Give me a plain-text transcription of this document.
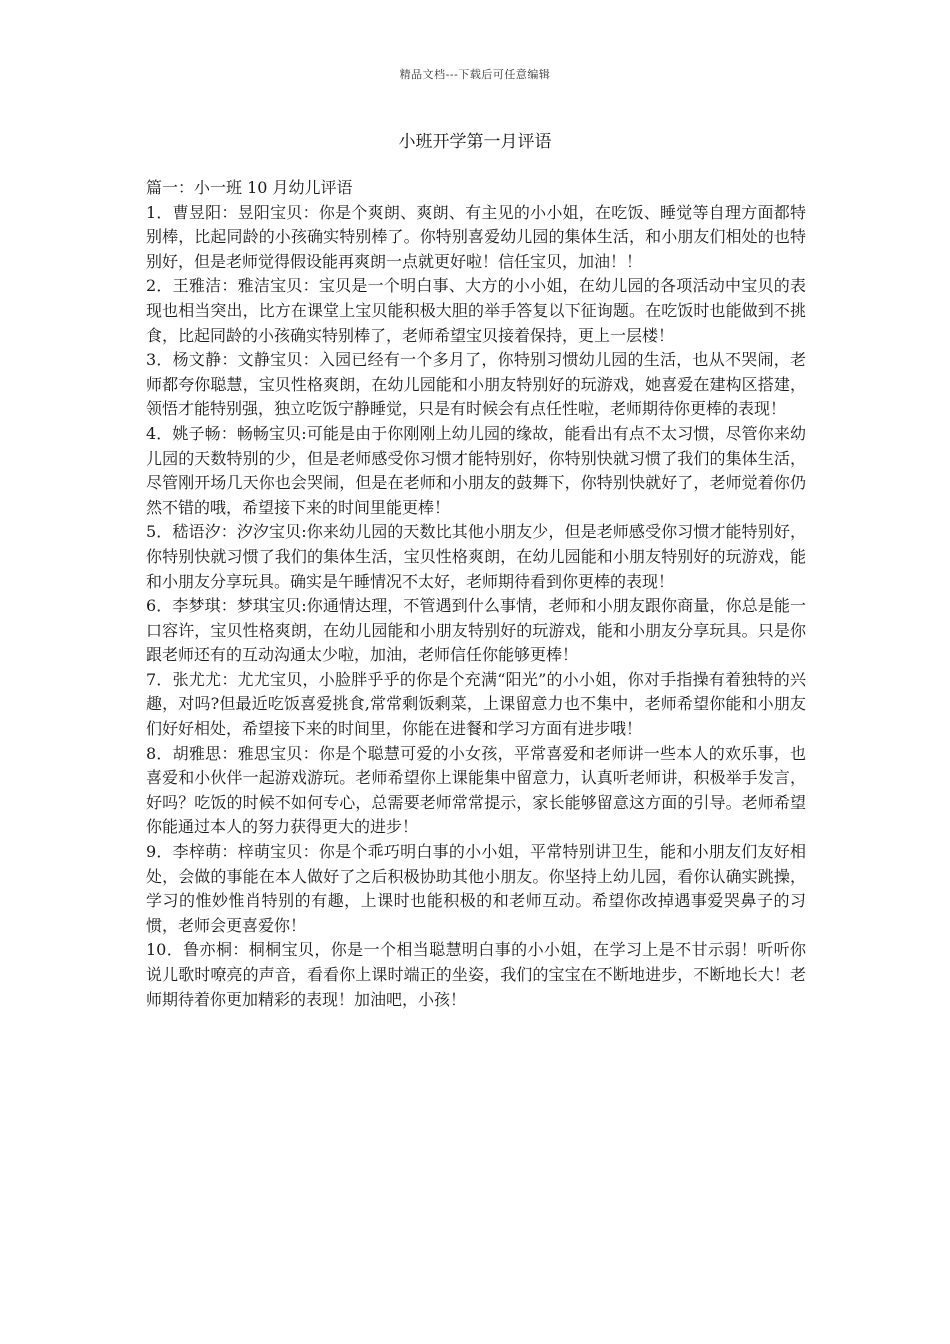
精品文档---下载后可任意编辑
小班开学第一月评语

篇一：小一班 10 月幼儿评语

1．曹昱阳：昱阳宝贝：你是个爽朗、爽朗、有主见的小小姐，在吃饭、睡觉等自理方面都特别棒，比起同龄的小孩确实特别棒了。你特别喜爱幼儿园的集体生活，和小朋友们相处的也特别好，但是老师觉得假设能再爽朗一点就更好啦！信任宝贝，加油！！

2．王雅洁：雅洁宝贝：宝贝是一个明白事、大方的小小姐，在幼儿园的各项活动中宝贝的表现也相当突出，比方在课堂上宝贝能积极大胆的举手答复以下征询题。在吃饭时也能做到不挑食，比起同龄的小孩确实特别棒了，老师希望宝贝接着保持，更上一层楼！

3．杨文静：文静宝贝：入园已经有一个多月了，你特别习惯幼儿园的生活，也从不哭闹，老师都夸你聪慧，宝贝性格爽朗，在幼儿园能和小朋友特别好的玩游戏，她喜爱在建构区搭建，领悟才能特别强，独立吃饭宁静睡觉，只是有时候会有点任性啦，老师期待你更棒的表现！

4．姚子畅：畅畅宝贝:可能是由于你刚刚上幼儿园的缘故，能看出有点不太习惯，尽管你来幼儿园的天数特别的少，但是老师感受你习惯才能特别好，你特别快就习惯了我们的集体生活，尽管刚开场几天你也会哭闹，但是在老师和小朋友的鼓舞下，你特别快就好了，老师觉着你仍然不错的哦，希望接下来的时间里能更棒！

5．嵇语汐：汐汐宝贝:你来幼儿园的天数比其他小朋友少，但是老师感受你习惯才能特别好，你特别快就习惯了我们的集体生活，宝贝性格爽朗，在幼儿园能和小朋友特别好的玩游戏，能和小朋友分享玩具。确实是午睡情况不太好，老师期待看到你更棒的表现！

6．李梦琪：梦琪宝贝:你通情达理，不管遇到什么事情，老师和小朋友跟你商量，你总是能一口容许，宝贝性格爽朗，在幼儿园能和小朋友特别好的玩游戏，能和小朋友分享玩具。只是你跟老师还有的互动沟通太少啦，加油，老师信任你能够更棒！

7．张尤尤：尤尤宝贝，小脸胖乎乎的你是个充满“阳光”的小小姐，你对手指操有着独特的兴趣，对吗?但最近吃饭喜爱挑食,常常剩饭剩菜，上课留意力也不集中，老师希望你能和小朋友们好好相处，希望接下来的时间里，你能在进餐和学习方面有进步哦！

8．胡雅思：雅思宝贝：你是个聪慧可爱的小女孩，平常喜爱和老师讲一些本人的欢乐事，也喜爱和小伙伴一起游戏游玩。老师希望你上课能集中留意力，认真听老师讲，积极举手发言，好吗？吃饭的时候不如何专心，总需要老师常常提示，家长能够留意这方面的引导。老师希望你能通过本人的努力获得更大的进步！

9．李梓萌：梓萌宝贝：你是个乖巧明白事的小小姐，平常特别讲卫生，能和小朋友们友好相处，会做的事能在本人做好了之后积极协助其他小朋友。你坚持上幼儿园，看你认确实跳操，学习的惟妙惟肖特别的有趣，上课时也能积极的和老师互动。希望你改掉遇事爱哭鼻子的习惯，老师会更喜爱你！

10．鲁亦桐：桐桐宝贝，你是一个相当聪慧明白事的小小姐，在学习上是不甘示弱！听听你说儿歌时嘹亮的声音，看看你上课时端正的坐姿，我们的宝宝在不断地进步，不断地长大！老师期待着你更加精彩的表现！加油吧，小孩！
